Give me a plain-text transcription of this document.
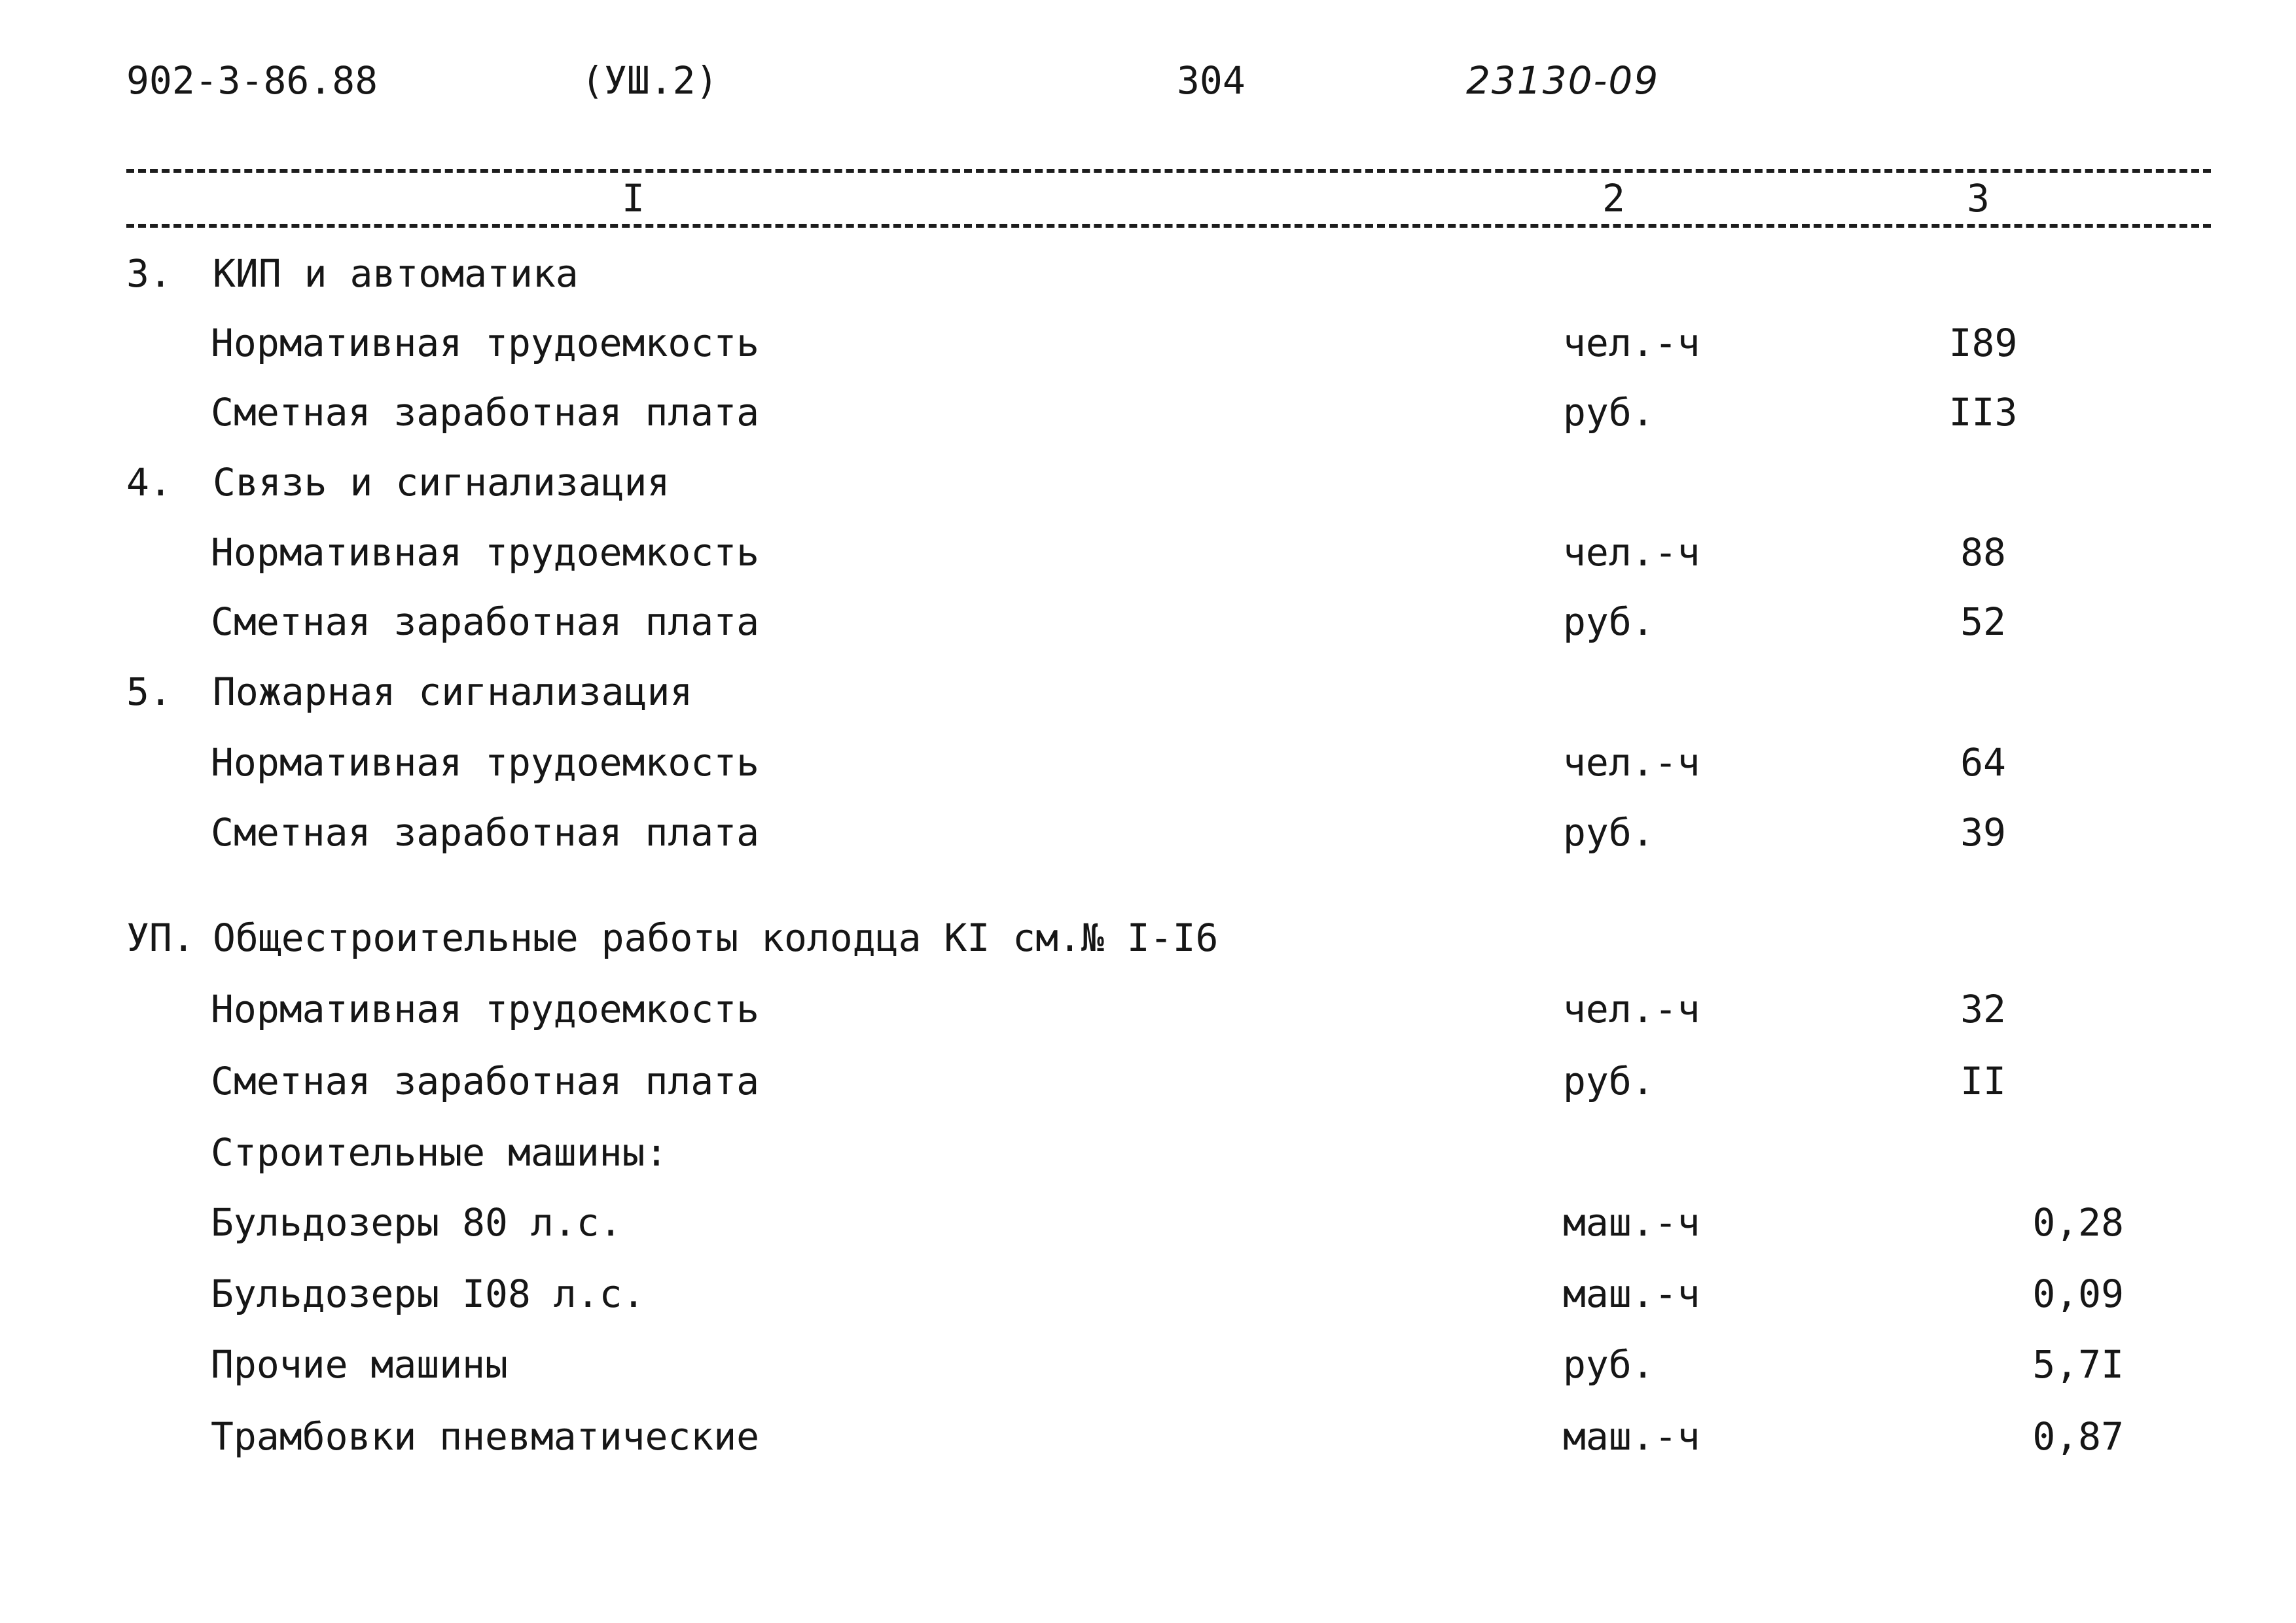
902-3-86.88	(УШ.2)	304	23130-09
I	2	3
3. КИП и автоматика
Нормативная трудоемкость	чел.-ч	I89
Сметная заработная плата	руб.	II3
4. Связь и сигнализация
Нормативная трудоемкость	чел.-ч	88
Сметная заработная плата	руб.	52
5. Пожарная сигнализация
Нормативная трудоемкость	чел.-ч	64
Сметная заработная плата	руб.	39
УП. Общестроительные работы колодца КI см.№ I-I6
Нормативная трудоемкость	чел.-ч	32
Сметная заработная плата	руб.	II
Строительные машины:
Бульдозеры 80 л.с.	маш.-ч	0,28
Бульдозеры I08 л.с.	маш.-ч	0,09
Прочие машины	руб.	5,7I
Трамбовки пневматические	маш.-ч	0,87
